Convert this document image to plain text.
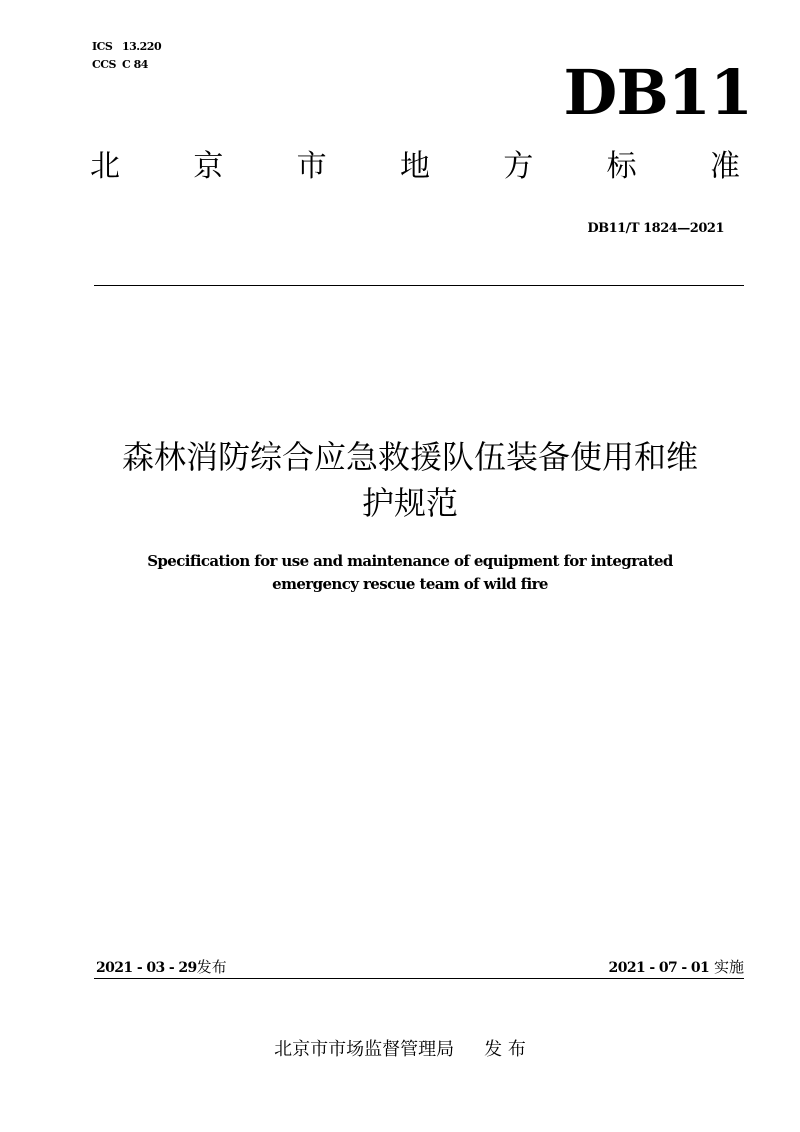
ICS 13.220
CCS C 84	DB11
北 京 市 地 方 标 准
DB11/T 1824—2021
森林消防综合应急救援队伍装备使用和维
护规范
Specification for use and maintenance of equipment for integrated
emergency rescue team of wild fire
2021 - 03 - 29发布	2021 - 07 - 01 实施
北京市市场监督管理局 发 布
